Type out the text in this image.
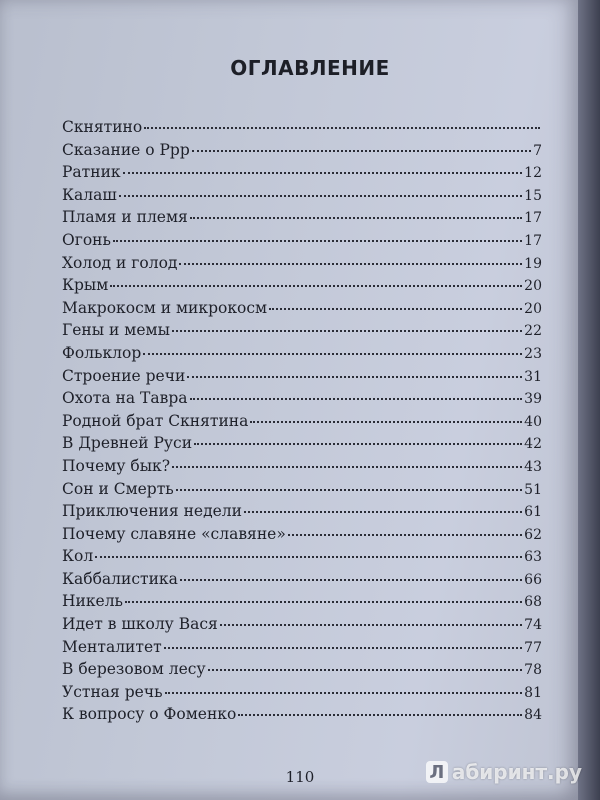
ОГЛАВЛЕНИЕ
Скнятино
Сказание о Ррр	7
Ратник	12
Калаш	15
Пламя и племя	17
Огонь	17
Холод и голод	19
Крым	20
Макрокосм и микрокосм	20
Гены и мемы	22
Фольклор	23
Строение речи	31
Охота на Тавра	39
Родной брат Скнятина	40
В Древней Руси	42
Почему бык?	43
Сон и Смерть	51
Приключения недели	61
Почему славяне «славяне»	62
Кол	63
Каббалистика	66
Никель	68
Идет в школу Вася	74
Менталитет	77
В березовом лесу	78
Устная речь	81
К вопросу о Фоменко	84
110	Л абиринт.ру
